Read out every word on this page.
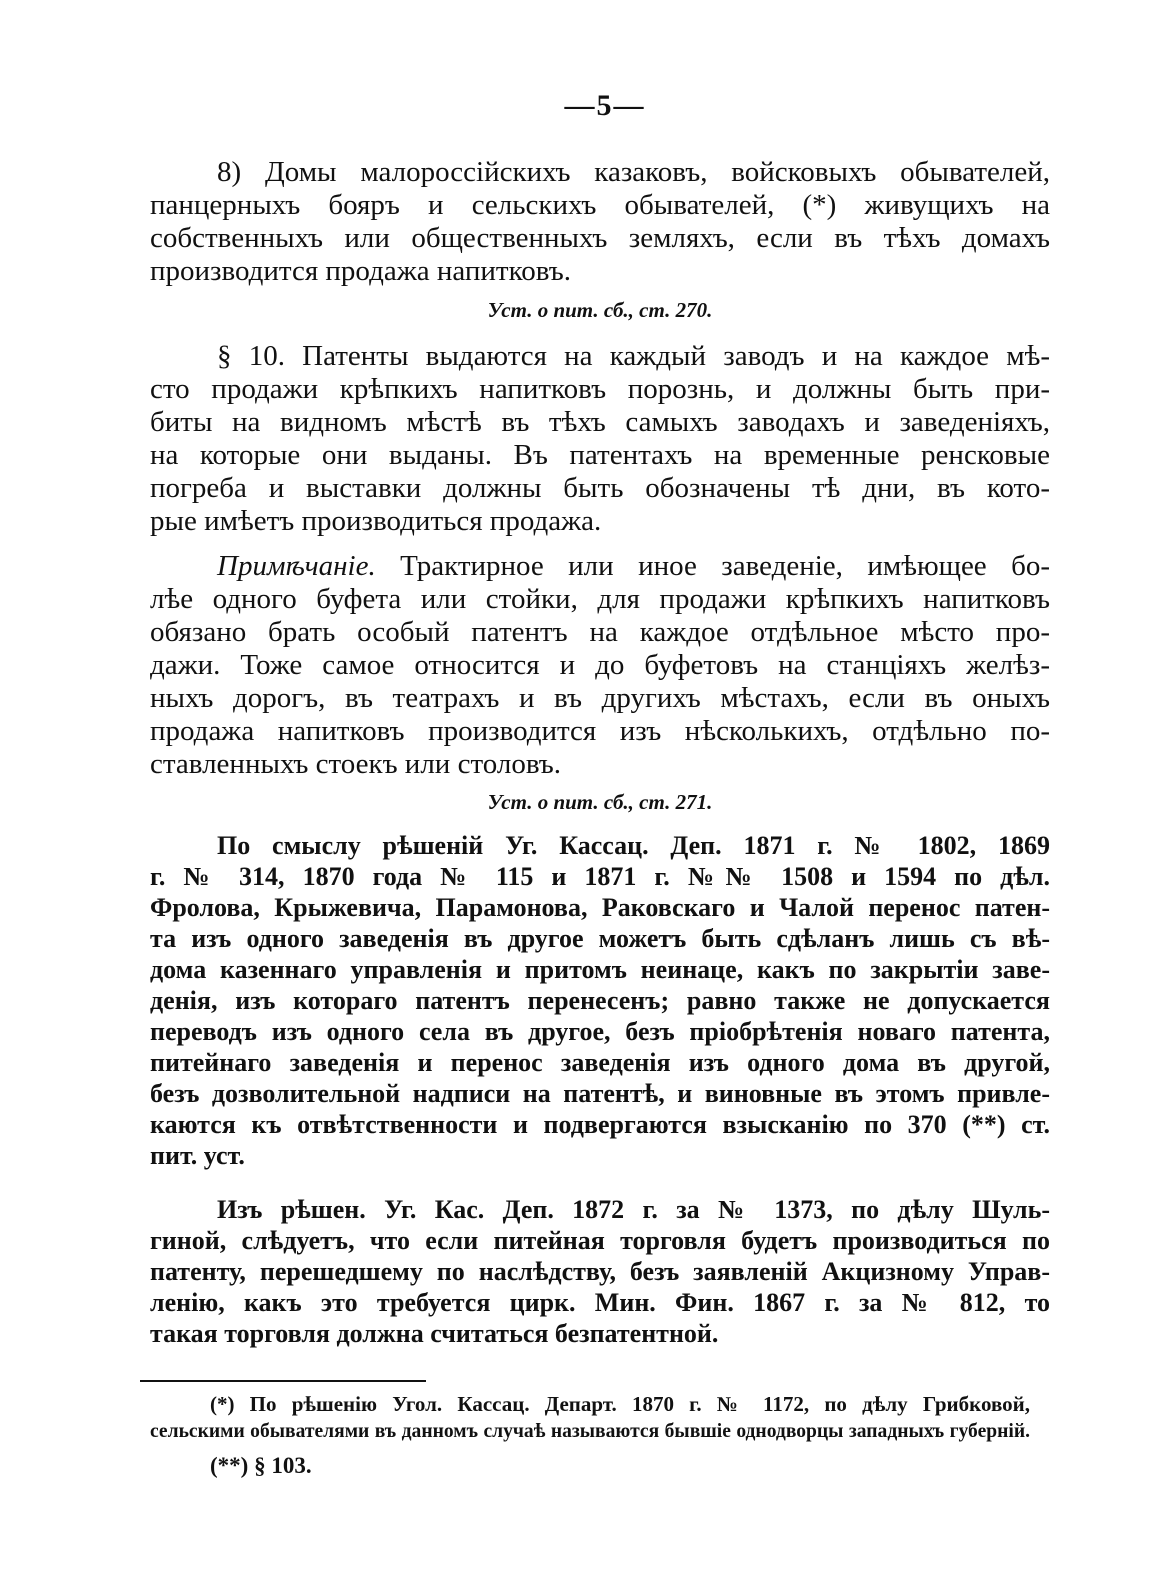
—5—
8) Домы малороссійскихъ казаковъ, войсковыхъ обывателей,
панцерныхъ бояръ и сельскихъ обывателей, (*) живущихъ на
собственныхъ или общественныхъ земляхъ, если въ тѣхъ домахъ
производится продажа напитковъ.
Уст. о пит. сб., ст. 270.
§ 10. Патенты выдаются на каждый заводъ и на каждое мѣ-
сто продажи крѣпкихъ напитковъ порознь, и должны быть при-
биты на видномъ мѣстѣ въ тѣхъ самыхъ заводахъ и заведеніяхъ,
на которые они выданы. Въ патентахъ на временные ренсковые
погреба и выставки должны быть обозначены тѣ дни, въ кото-
рые имѣетъ производиться продажа.
Примѣчаніе. Трактирное или иное заведеніе, имѣющее бо-
лѣе одного буфета или стойки, для продажи крѣпкихъ напитковъ
обязано брать особый патентъ на каждое отдѣльное мѣсто про-
дажи. Тоже самое относится и до буфетовъ на станціяхъ желѣз-
ныхъ дорогъ, въ театрахъ и въ другихъ мѣстахъ, если въ оныхъ
продажа напитковъ производится изъ нѣсколькихъ, отдѣльно по-
ставленныхъ стоекъ или столовъ.
Уст. о пит. сб., ст. 271.
По смыслу рѣшеній Уг. Кассац. Деп. 1871 г. № 1802, 1869
г. № 314, 1870 года № 115 и 1871 г. №№ 1508 и 1594 по дѣл.
Фролова, Крыжевича, Парамонова, Раковскаго и Чалой перенос патен-
та изъ одного заведенія въ другое можетъ быть сдѣланъ лишь съ вѣ-
дома казеннаго управленія и притомъ неинаце, какъ по закрытіи заве-
денія, изъ котораго патентъ перенесенъ; равно также не допускается
переводъ изъ одного села въ другое, безъ пріобрѣтенія новаго патента,
питейнаго заведенія и перенос заведенія изъ одного дома въ другой,
безъ дозволительной надписи на патентѣ, и виновные въ этомъ привле-
каются къ отвѣтственности и подвергаются взысканію по 370 (**) ст.
пит. уст.
Изъ рѣшен. Уг. Кас. Деп. 1872 г. за № 1373, по дѣлу Шуль-
гиной, слѣдуетъ, что если питейная торговля будетъ производиться по
патенту, перешедшему по наслѣдству, безъ заявленій Акцизному Управ-
ленію, какъ это требуется цирк. Мин. Фин. 1867 г. за № 812, то
такая торговля должна считаться безпатентной.
(*) По рѣшенію Угол. Кассац. Департ. 1870 г. № 1172, по дѣлу Грибковой,
сельскими обывателями въ данномъ случаѣ называются бывшіе однодворцы западныхъ губерній.
(**) § 103.
